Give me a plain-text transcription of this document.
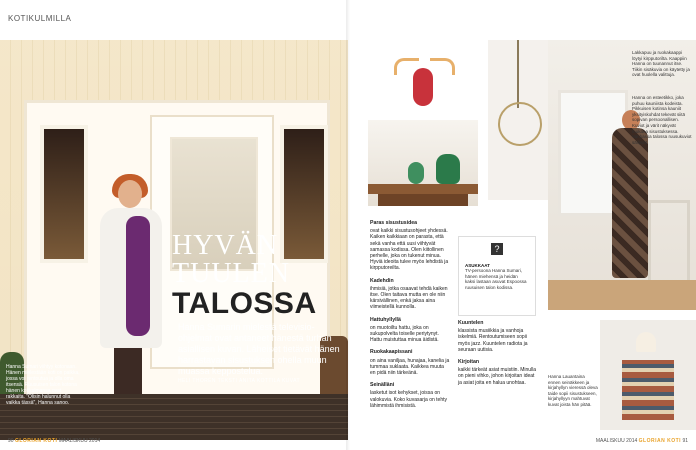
KOTIKULMILLA
HYVÄN
TUULEN
TALOSSA
Hanna Sumarin mielestä televisio-ohjelmat ovat antaneet hänestä turhan asiallisen kuvan. Läheiset tietävät hänen harrastavan sisustuksen ohella muun muassa keppostelua.
HELI THORÉN TEKSTI ANITA KOTTILA KUVAT
Hanna Sumari viihtyy kotonaan. Hänen mielestään koti on paikka, jossa voi rentoutua ja olla oma itsensä. Ruusuisen talon kotona hänen kotikulmansa ovat rakkaita. "Olisin halunnut olla vaikka tässä", Hanna sanoo.
90 GLORIAN KOTI MAALISKUU 2014
Lakkapuu ja ruokakaappi löytyi kirpputorilta. Kaappiin Hanna on tuunannut itse. Tiikin sisäkuvia on käytetty ja ovat huolella valittuja.
Hanna on esteetikko, joka puhuu kauniista kodeista. Pikkuisen kotinsa kauniit yksityiskohdat tekevät siitä sopivan persoonallisen. Kuviot ja värit näkyvät mukana sisustuksessa. Vanhassa talossa ruusukuviot säilyvät.
Hanna Lauantaina ennen seinäkkeen ja kirjahyllyn vieressä oleva taide sopii sisustukseen, kirjahyllyyn mahtuvat kuvat joista hän pitää.
Paras sisustusidea
ovat kaikki sisustusohjeet yhdessä. Kaiken kaikkiaan on parasta, että sekä vanha että uusi viihtyvät samassa kodissa. Olen kiitollinen perhelle, joka on tukenut minua. Hyviä ideoita tulee myös lehdistä ja kirpputoreilta.
Kadehdin
ihmisiä, jotka osaavat tehdä kaiken itse. Olen taitava mutta en ole niin kärsivällinen, enkä jaksa aina viimeistellä kunnolla.
Hattuhyllyllä
on muotoiltu hattu, joka on sukupolvelta toiselle periytynyt. Hattu muistuttaa minua äidistä.
Ruokakaapissani
on aina vaniljaa, hunajaa, kanelia ja tummaa suklaata. Kaikkea muuta en pidä niin tärkeänä.
Seinälläni
lasketut isot kehykset, joissa on valokuvia. Koko kuvasarja on tehty lähimmistä ihmisistä.
?
ASUKKAAT
TV-persoona Hanna Sumari, hänen miehensä ja heidän kaksi lastaan asuvat Espoossa ruusuisen talon kodissa.
Kuuntelen
klassista musiikkia ja vanhoja iskelmiä. Rentoutumiseen sopii myös jazz. Kuuntelen radiota ja seuraan uutisia.
Kirjoitan
kaikki tärkeät asiat muistiin. Minulla on pieni vihko, johon kirjoitan ideat ja asiat joita en halua unohtaa.
MAALISKUU 2014 GLORIAN KOTI 91
